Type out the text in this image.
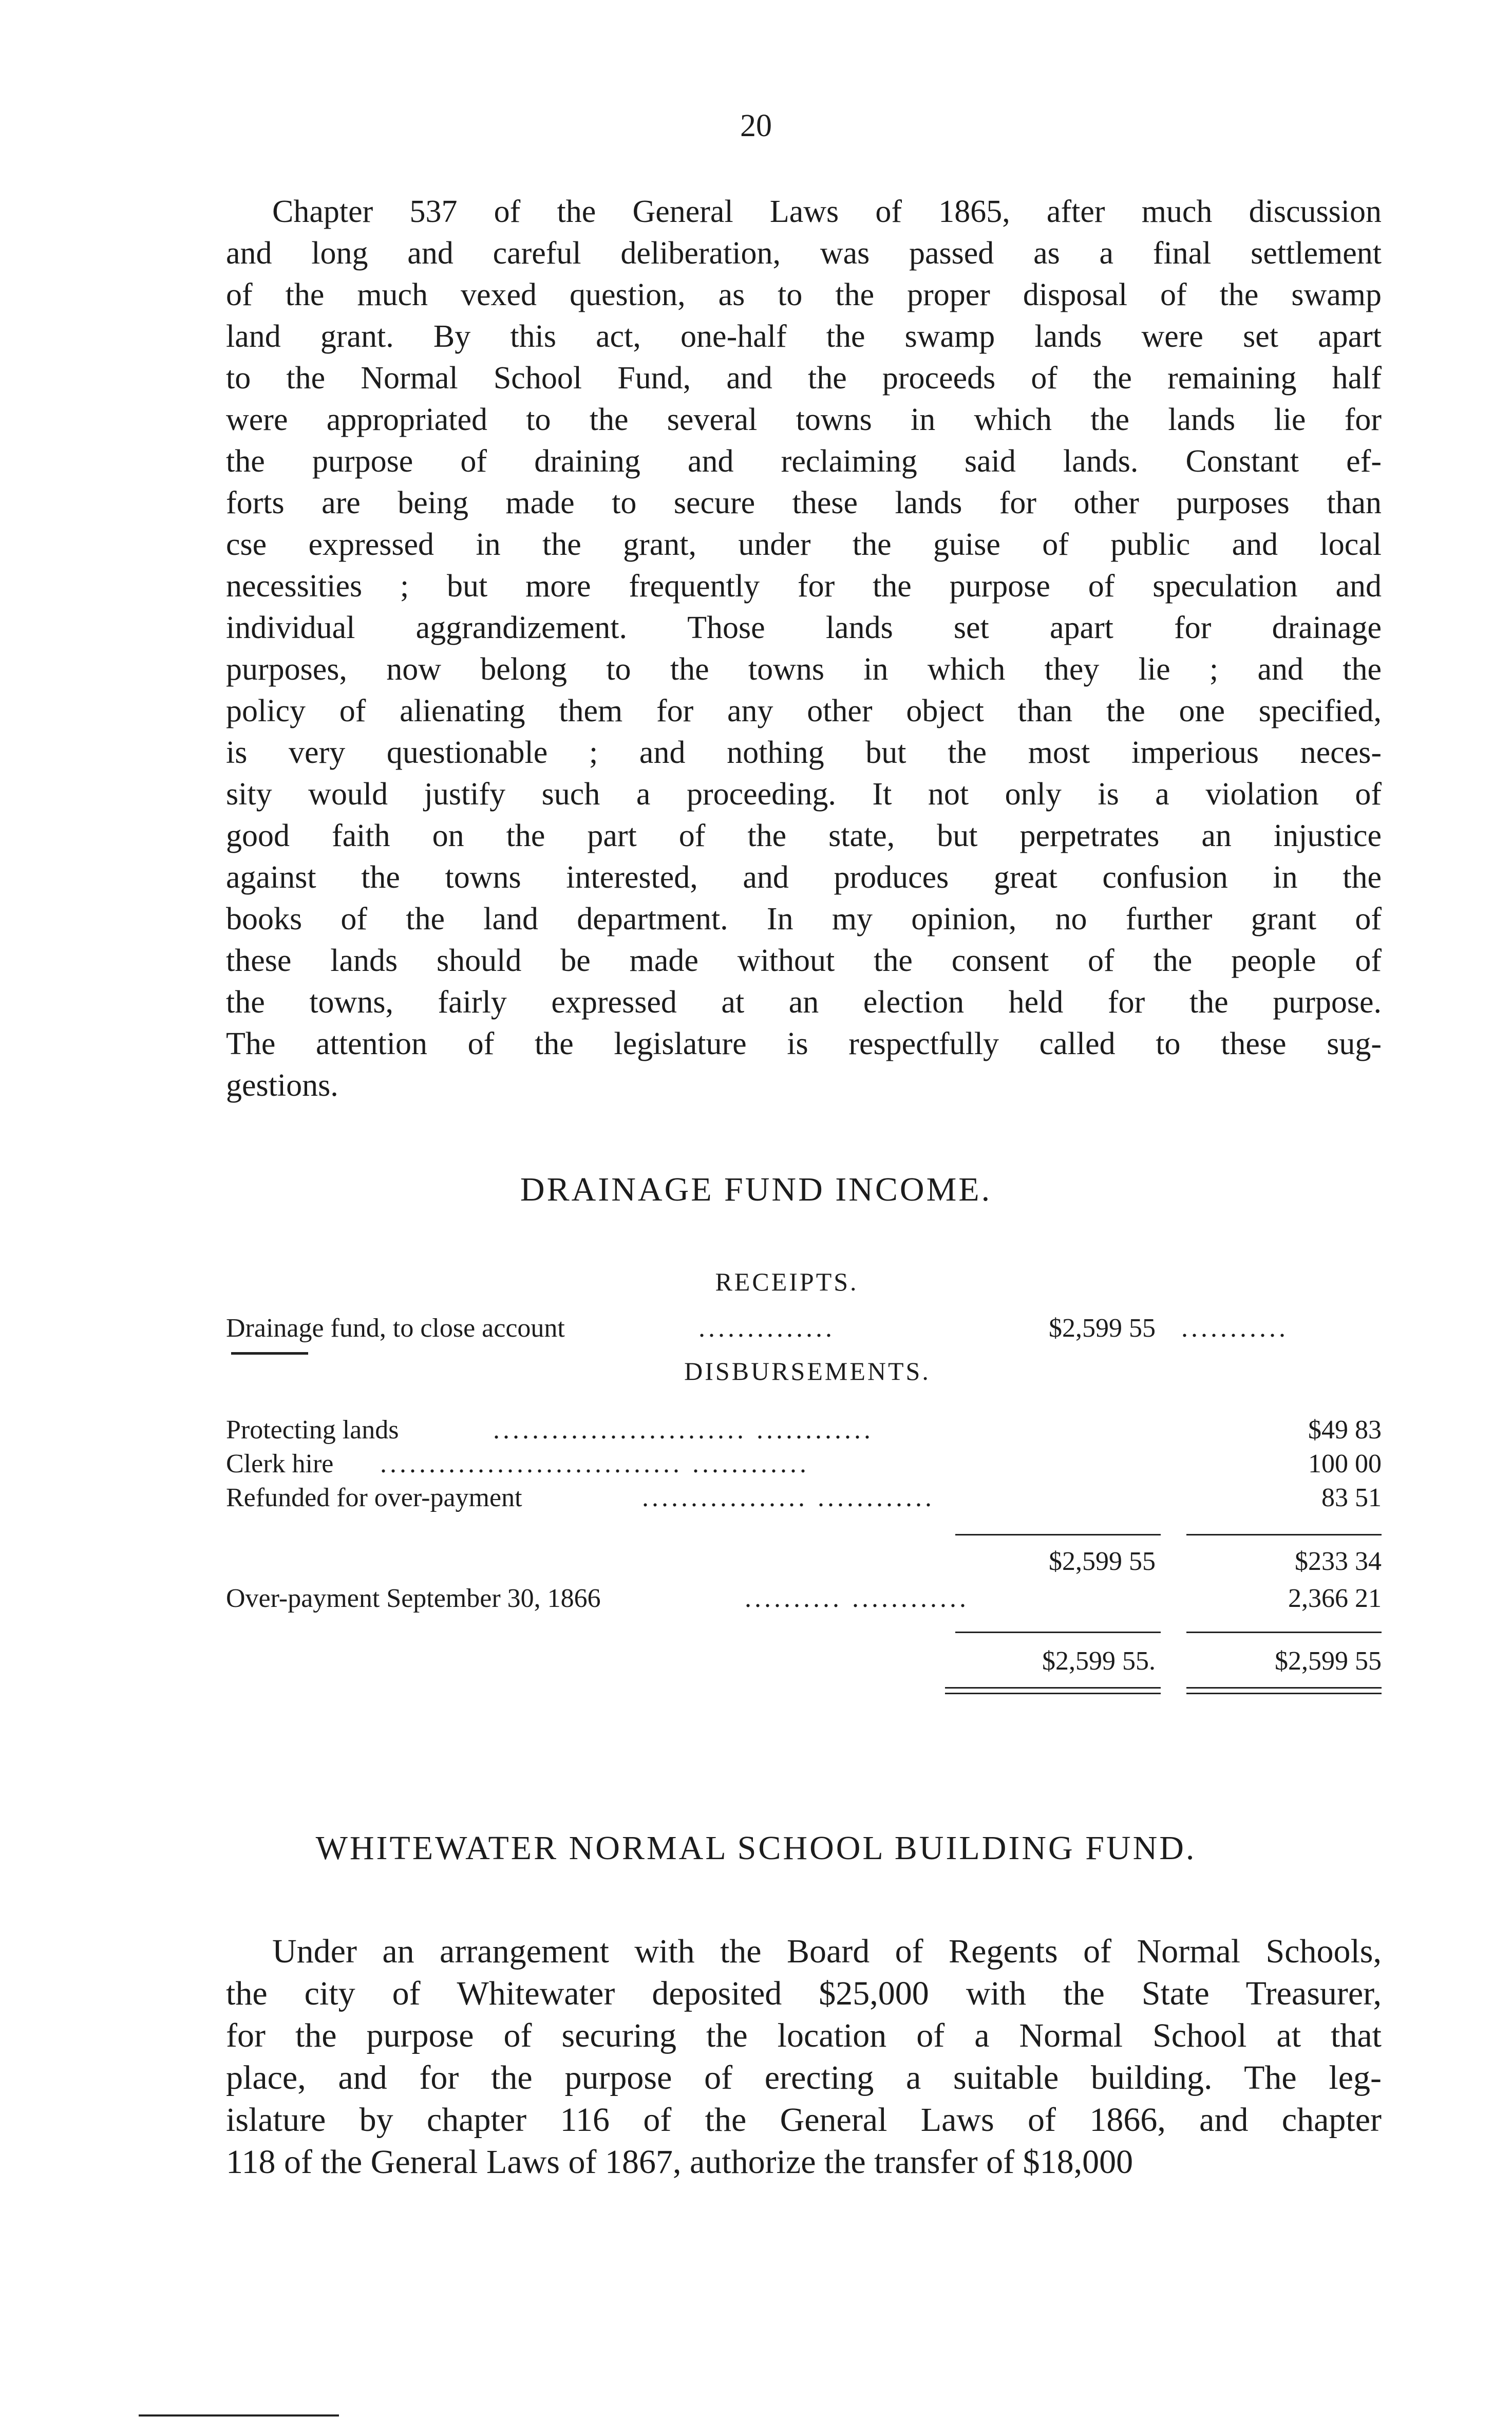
20
Chapter 537 of the General Laws of 1865, after much discussion
and long and careful deliberation, was passed as a final settlement
of the much vexed question, as to the proper disposal of the swamp
land grant. By this act, one-half the swamp lands were set apart
to the Normal School Fund, and the proceeds of the remaining half
were appropriated to the several towns in which the lands lie for
the purpose of draining and reclaiming said lands. Constant ef-
forts are being made to secure these lands for other purposes than
cse expressed in the grant, under the guise of public and local
necessities ; but more frequently for the purpose of speculation and
individual aggrandizement. Those lands set apart for drainage
purposes, now belong to the towns in which they lie ; and the
policy of alienating them for any other object than the one specified,
is very questionable ; and nothing but the most imperious neces-
sity would justify such a proceeding. It not only is a violation of
good faith on the part of the state, but perpetrates an injustice
against the towns interested, and produces great confusion in the
books of the land department. In my opinion, no further grant of
these lands should be made without the consent of the people of
the towns, fairly expressed at an election held for the purpose.
The attention of the legislature is respectfully called to these sug-
gestions.
DRAINAGE FUND INCOME.
RECEIPTS.
Drainage fund, to close account	..............	$2,599 55 ...........
DISBURSEMENTS.
Protecting lands	.......................... ............	$49 83
Clerk hire ............................... ............	100 00
Refunded for over-payment	................. ............	83 51
$2,599 55	$233 34
Over-payment September 30, 1866	.......... ............	2,366 21
$2,599 55.	$2,599 55
WHITEWATER NORMAL SCHOOL BUILDING FUND.
Under an arrangement with the Board of Regents of Normal Schools,
the city of Whitewater deposited $25,000 with the State Treasurer,
for the purpose of securing the location of a Normal School at that
place, and for the purpose of erecting a suitable building. The leg-
islature by chapter 116 of the General Laws of 1866, and chapter
118 of the General Laws of 1867, authorize the transfer of $18,000
